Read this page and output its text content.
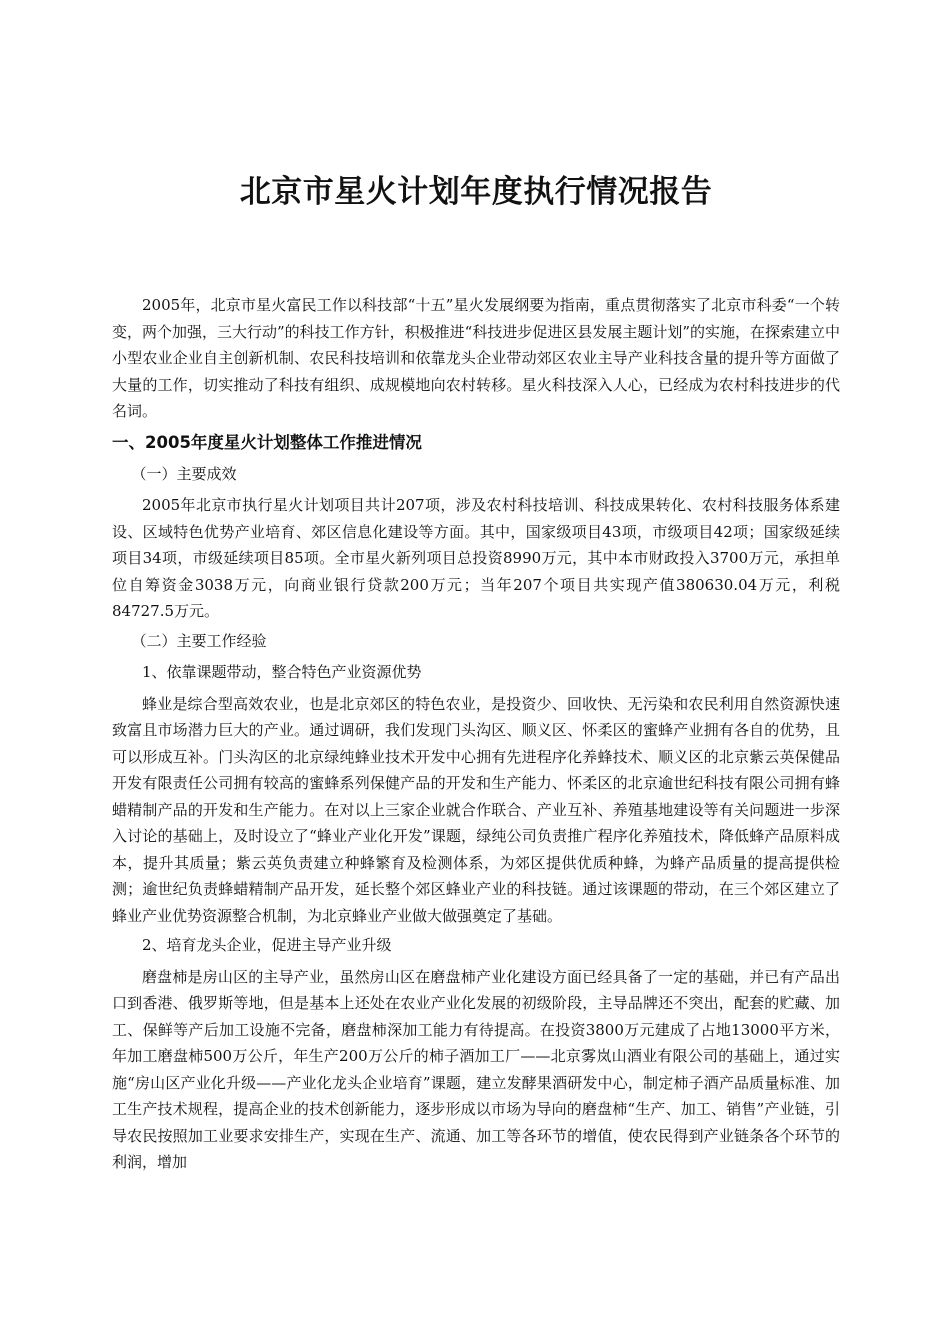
北京市星火计划年度执行情况报告

2005年，北京市星火富民工作以科技部“十五”星火发展纲要为指南，重点贯彻落实了北京市科委“一个转变，两个加强，三大行动”的科技工作方针，积极推进“科技进步促进区县发展主题计划”的实施，在探索建立中小型农业企业自主创新机制、农民科技培训和依靠龙头企业带动郊区农业主导产业科技含量的提升等方面做了大量的工作，切实推动了科技有组织、成规模地向农村转移。星火科技深入人心，已经成为农村科技进步的代名词。

一、2005年度星火计划整体工作推进情况

（一）主要成效

2005年北京市执行星火计划项目共计207项，涉及农村科技培训、科技成果转化、农村科技服务体系建设、区域特色优势产业培育、郊区信息化建设等方面。其中，国家级项目43项，市级项目42项；国家级延续项目34项，市级延续项目85项。全市星火新列项目总投资8990万元，其中本市财政投入3700万元，承担单位自筹资金3038万元，向商业银行贷款200万元；当年207个项目共实现产值380630.04万元，利税84727.5万元。

（二）主要工作经验

1、依靠课题带动，整合特色产业资源优势

蜂业是综合型高效农业，也是北京郊区的特色农业，是投资少、回收快、无污染和农民利用自然资源快速致富且市场潜力巨大的产业。通过调研，我们发现门头沟区、顺义区、怀柔区的蜜蜂产业拥有各自的优势，且可以形成互补。门头沟区的北京绿纯蜂业技术开发中心拥有先进程序化养蜂技术、顺义区的北京紫云英保健品开发有限责任公司拥有较高的蜜蜂系列保健产品的开发和生产能力、怀柔区的北京逾世纪科技有限公司拥有蜂蜡精制产品的开发和生产能力。在对以上三家企业就合作联合、产业互补、养殖基地建设等有关问题进一步深入讨论的基础上，及时设立了“蜂业产业化开发”课题，绿纯公司负责推广程序化养殖技术，降低蜂产品原料成本，提升其质量；紫云英负责建立种蜂繁育及检测体系，为郊区提供优质种蜂，为蜂产品质量的提高提供检测；逾世纪负责蜂蜡精制产品开发，延长整个郊区蜂业产业的科技链。通过该课题的带动，在三个郊区建立了蜂业产业优势资源整合机制，为北京蜂业产业做大做强奠定了基础。

2、培育龙头企业，促进主导产业升级

磨盘柿是房山区的主导产业，虽然房山区在磨盘柿产业化建设方面已经具备了一定的基础，并已有产品出口到香港、俄罗斯等地，但是基本上还处在农业产业化发展的初级阶段，主导品牌还不突出，配套的贮藏、加工、保鲜等产后加工设施不完备，磨盘柿深加工能力有待提高。在投资3800万元建成了占地13000平方米，年加工磨盘柿500万公斤，年生产200万公斤的柿子酒加工厂——北京雾岚山酒业有限公司的基础上，通过实施“房山区产业化升级——产业化龙头企业培育”课题，建立发酵果酒研发中心，制定柿子酒产品质量标准、加工生产技术规程，提高企业的技术创新能力，逐步形成以市场为导向的磨盘柿“生产、加工、销售”产业链，引导农民按照加工业要求安排生产，实现在生产、流通、加工等各环节的增值，使农民得到产业链条各个环节的利润，增加
